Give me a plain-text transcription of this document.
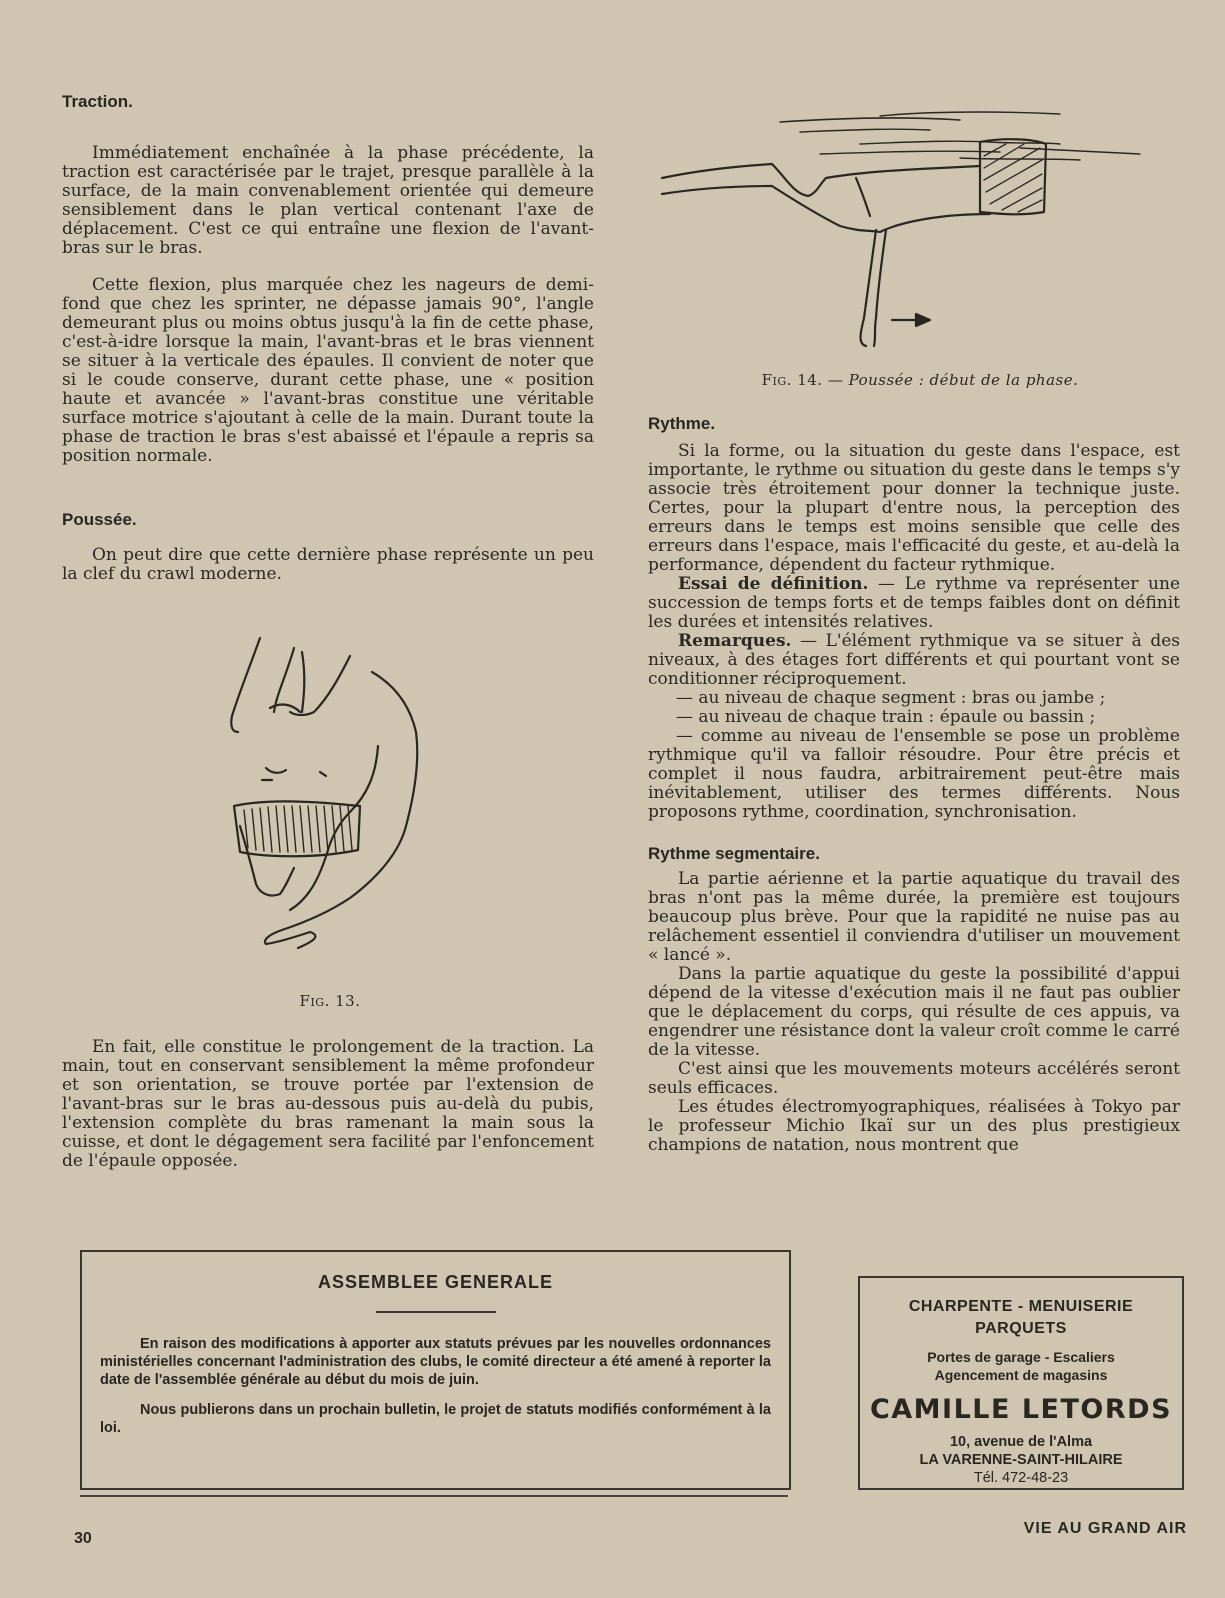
Traction.

Immédiatement enchaînée à la phase précédente, la traction est caractérisée par le trajet, presque parallèle à la surface, de la main convenablement orientée qui demeure sensiblement dans le plan vertical contenant l'axe de déplacement. C'est ce qui entraîne une flexion de l'avant-bras sur le bras.

Cette flexion, plus marquée chez les nageurs de demi-fond que chez les sprinter, ne dépasse jamais 90°, l'angle demeurant plus ou moins obtus jusqu'à la fin de cette phase, c'est-à-idre lorsque la main, l'avant-bras et le bras viennent se situer à la verticale des épaules. Il convient de noter que si le coude conserve, durant cette phase, une « position haute et avancée » l'avant-bras constitue une véritable surface motrice s'ajoutant à celle de la main. Durant toute la phase de traction le bras s'est abaissé et l'épaule a repris sa position normale.

Poussée.

On peut dire que cette dernière phase représente un peu la clef du crawl moderne.

Fig. 13.

En fait, elle constitue le prolongement de la traction. La main, tout en conservant sensiblement la même profondeur et son orientation, se trouve portée par l'extension de l'avant-bras sur le bras au-dessous puis au-delà du pubis, l'extension complète du bras ramenant la main sous la cuisse, et dont le dégagement sera facilité par l'enfoncement de l'épaule opposée.

Fig. 14. — Poussée : début de la phase.
Rythme.

Si la forme, ou la situation du geste dans l'espace, est importante, le rythme ou situation du geste dans le temps s'y associe très étroitement pour donner la technique juste. Certes, pour la plupart d'entre nous, la perception des erreurs dans le temps est moins sensible que celle des erreurs dans l'espace, mais l'efficacité du geste, et au-delà la performance, dépendent du facteur rythmique.

Essai de définition. — Le rythme va représenter une succession de temps forts et de temps faibles dont on définit les durées et intensités relatives.

Remarques. — L'élément rythmique va se situer à des niveaux, à des étages fort différents et qui pourtant vont se conditionner réciproquement.

— au niveau de chaque segment : bras ou jambe ;

— au niveau de chaque train : épaule ou bassin ;

— comme au niveau de l'ensemble se pose un problème rythmique qu'il va falloir résoudre. Pour être précis et complet il nous faudra, arbitrairement peut-être mais inévitablement, utiliser des termes différents. Nous proposons rythme, coordination, synchronisation.

Rythme segmentaire.

La partie aérienne et la partie aquatique du travail des bras n'ont pas la même durée, la première est toujours beaucoup plus brève. Pour que la rapidité ne nuise pas au relâchement essentiel il conviendra d'utiliser un mouvement « lancé ».

Dans la partie aquatique du geste la possibilité d'appui dépend de la vitesse d'exécution mais il ne faut pas oublier que le déplacement du corps, qui résulte de ces appuis, va engendrer une résistance dont la valeur croît comme le carré de la vitesse.

C'est ainsi que les mouvements moteurs accélérés seront seuls efficaces.

Les études électromyographiques, réalisées à Tokyo par le professeur Michio Ikaï sur un des plus prestigieux champions de natation, nous montrent que

ASSEMBLEE GENERALE

En raison des modifications à apporter aux statuts prévues par les nouvelles ordonnances ministérielles concernant l'administration des clubs, le comité directeur a été amené à reporter la date de l'assemblée générale au début du mois de juin.

Nous publierons dans un prochain bulletin, le projet de statuts modifiés conformément à la loi.

CHARPENTE - MENUISERIE
PARQUETS
Portes de garage - Escaliers
Agencement de magasins
CAMILLE LETORDS
10, avenue de l'Alma
LA VARENNE-SAINT-HILAIRE
Tél. 472-48-23
30
VIE AU GRAND AIR
